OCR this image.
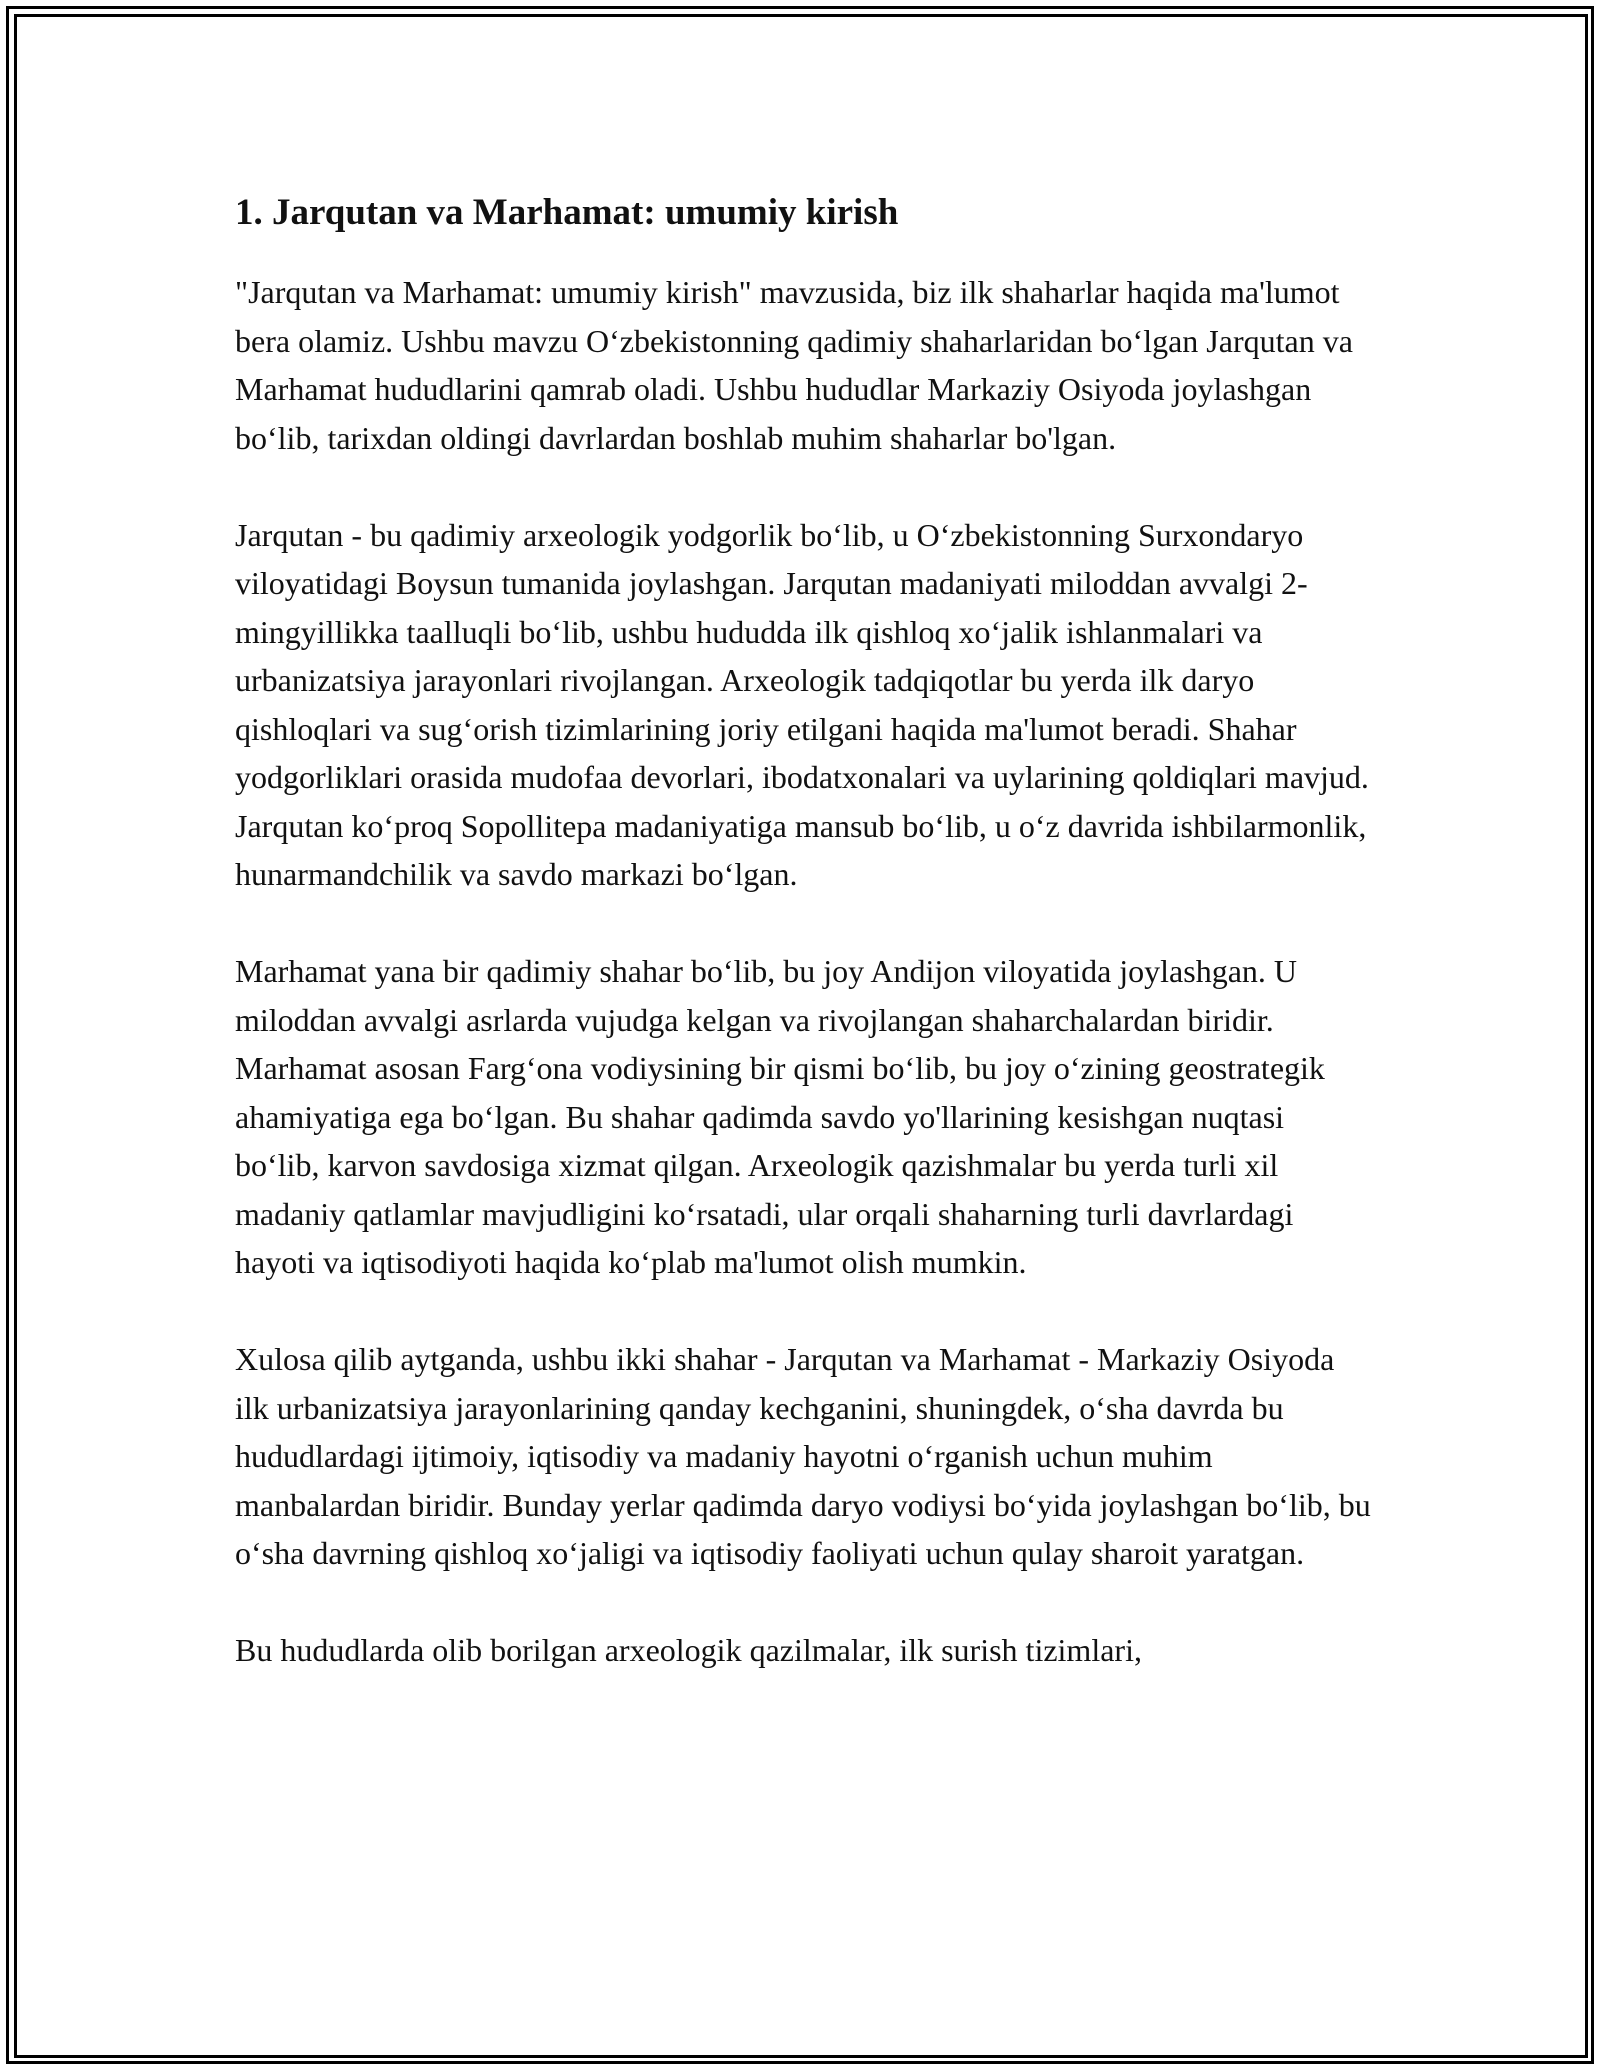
1. Jarqutan va Marhamat: umumiy kirish

"Jarqutan va Marhamat: umumiy kirish" mavzusida, biz ilk shaharlar haqida ma'lumot bera olamiz. Ushbu mavzu O‘zbekistonning qadimiy shaharlaridan bo‘lgan Jarqutan va Marhamat hududlarini qamrab oladi. Ushbu hududlar Markaziy Osiyoda joylashgan bo‘lib, tarixdan oldingi davrlardan boshlab muhim shaharlar bo'lgan.

Jarqutan - bu qadimiy arxeologik yodgorlik bo‘lib, u O‘zbekistonning Surxondaryo viloyatidagi Boysun tumanida joylashgan. Jarqutan madaniyati miloddan avvalgi 2-mingyillikka taalluqli bo‘lib, ushbu hududda ilk qishloq xo‘jalik ishlanmalari va urbanizatsiya jarayonlari rivojlangan. Arxeologik tadqiqotlar bu yerda ilk daryo qishloqlari va sug‘orish tizimlarining joriy etilgani haqida ma'lumot beradi. Shahar yodgorliklari orasida mudofaa devorlari, ibodatxonalari va uylarining qoldiqlari mavjud. Jarqutan ko‘proq Sopollitepa madaniyatiga mansub bo‘lib, u o‘z davrida ishbilarmonlik, hunarmandchilik va savdo markazi bo‘lgan.

Marhamat yana bir qadimiy shahar bo‘lib, bu joy Andijon viloyatida joylashgan. U miloddan avvalgi asrlarda vujudga kelgan va rivojlangan shaharchalardan biridir. Marhamat asosan Farg‘ona vodiysining bir qismi bo‘lib, bu joy o‘zining geostrategik ahamiyatiga ega bo‘lgan. Bu shahar qadimda savdo yo'llarining kesishgan nuqtasi bo‘lib, karvon savdosiga xizmat qilgan. Arxeologik qazishmalar bu yerda turli xil madaniy qatlamlar mavjudligini ko‘rsatadi, ular orqali shaharning turli davrlardagi hayoti va iqtisodiyoti haqida ko‘plab ma'lumot olish mumkin.

Xulosa qilib aytganda, ushbu ikki shahar - Jarqutan va Marhamat - Markaziy Osiyoda ilk urbanizatsiya jarayonlarining qanday kechganini, shuningdek, o‘sha davrda bu hududlardagi ijtimoiy, iqtisodiy va madaniy hayotni o‘rganish uchun muhim manbalardan biridir. Bunday yerlar qadimda daryo vodiysi bo‘yida joylashgan bo‘lib, bu o‘sha davrning qishloq xo‘jaligi va iqtisodiy faoliyati uchun qulay sharoit yaratgan.

Bu hududlarda olib borilgan arxeologik qazilmalar, ilk surish tizimlari,
